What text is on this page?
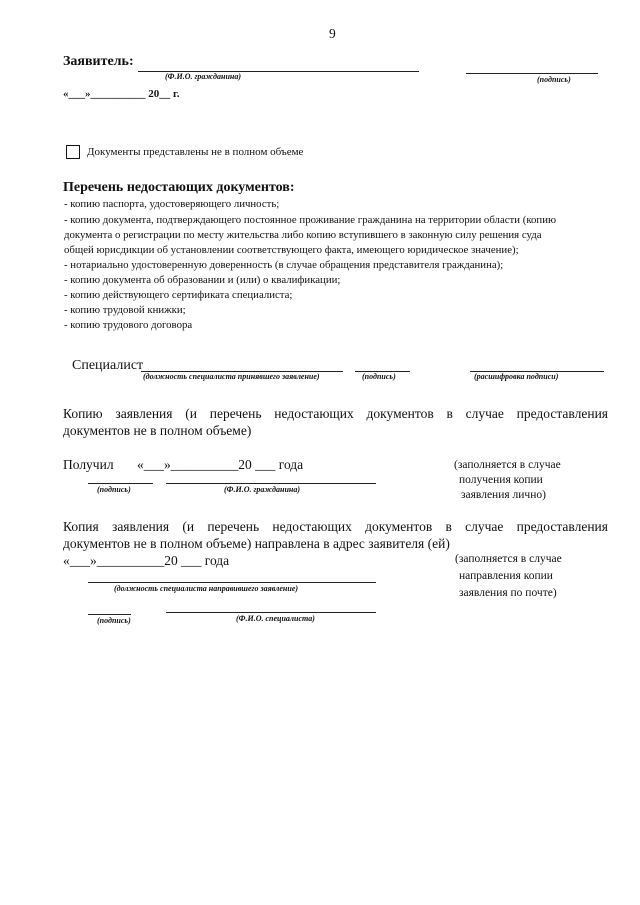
9
Заявитель:
(Ф.И.О. гражданина)	(подпись)
«___»__________ 20__ г.
Документы представлены не в полном объеме
Перечень недостающих документов:
- копию паспорта, удостоверяющего личность;
- копию документа, подтверждающего постоянное проживание гражданина на территории области (копию
документа о регистрации по месту жительства либо копию вступившего в законную силу решения суда
общей юрисдикции об установлении соответствующего факта, имеющего юридическое значение);
- нотариально удостоверенную доверенность (в случае обращения представителя гражданина);
- копию документа об образовании и (или) о квалификации;
- копию действующего сертификата специалиста;
- копию трудовой книжки;
- копию трудового договора
Специалист
(должность специалиста принявшего заявление)	(подпись)	(расшифровка подписи)
Копию заявления (и перечень недостающих документов в случае предоставления
документов не в полном объеме)
Получил «___»__________20 ___ года
(подпись)	(Ф.И.О. гражданина)
(заполняется в случае
получения копии
заявления лично)
Копия заявления (и перечень недостающих документов в случае предоставления
документов не в полном объеме) направлена в адрес заявителя (ей)
«___»__________20 ___ года
(должность специалиста направившего заявление)
(подпись)	(Ф.И.О. специалиста)
(заполняется в случае
направления копии
заявления по почте)
